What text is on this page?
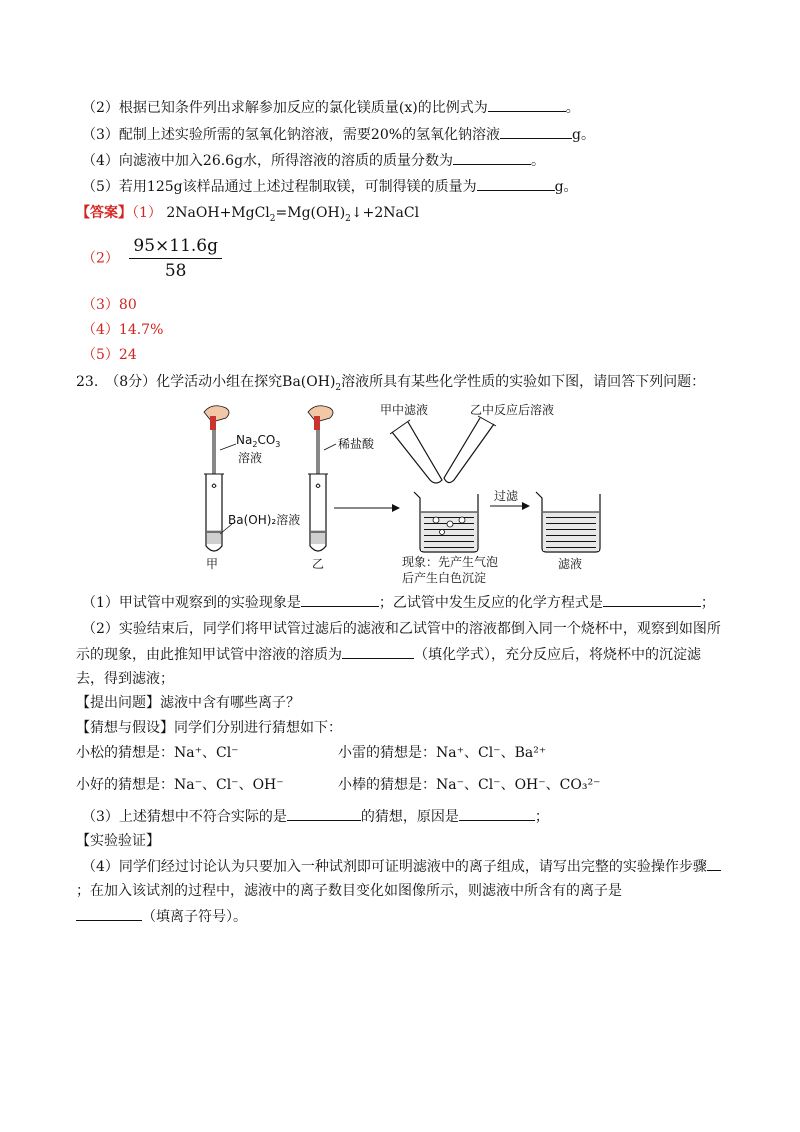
（2）根据已知条件列出求解参加反应的氯化镁质量(x)的比例式为	。
（3）配制上述实验所需的氢氧化钠溶液，需要20%的氢氧化钠溶液	g。
（4）向滤液中加入26.6g水，所得溶液的溶质的质量分数为	。
（5）若用125g该样品通过上述过程制取镁，可制得镁的质量为	g。
【答案】（1） $2NaOH+MgCl_2=Mg(OH)_2↓+2NaCl$
$(2) \frac{95\times 11.6g}{58}$
（3）80
（4）14.7%
（5）24
23.　（8分）化学活动小组在探究$Ba(OH)_2$溶液所具有某些化学性质的实验如下图，请回答下列问题：
$Na_2CO_3$
溶液
Ba(OH)₂溶液
甲
稀盐酸
乙
甲中滤液	乙中反应后溶液
现象：先产生气泡
后产生白色沉淀
过滤
滤液
（1）甲试管中观察到的实验现象是	；乙试管中发生反应的化学方程式是	；
（2）实验结束后，同学们将甲试管过滤后的滤液和乙试管中的溶液都倒入同一个烧杯中，观察到如图所
示的现象，由此推知甲试管中溶液的溶质为	（填化学式），充分反应后，将烧杯中的沉淀滤
去，得到滤液；
【提出问题】滤液中含有哪些离子？
【猜想与假设】同学们分别进行猜想如下：
小松的猜想是：Na⁺、Cl⁻	小雷的猜想是：Na⁺、Cl⁻、Ba²⁺
小好的猜想是：Na⁻、Cl⁻、OH⁻	小棒的猜想是：Na⁻、Cl⁻、OH⁻、CO₃²⁻
（3）上述猜想中不符合实际的是	的猜想，原因是	；
【实验验证】
（4）同学们经过讨论认为只要加入一种试剂即可证明滤液中的离子组成，请写出完整的实验操作步骤
；在加入该试剂的过程中，滤液中的离子数目变化如图像所示，则滤液中所含有的离子是
（填离子符号）。
